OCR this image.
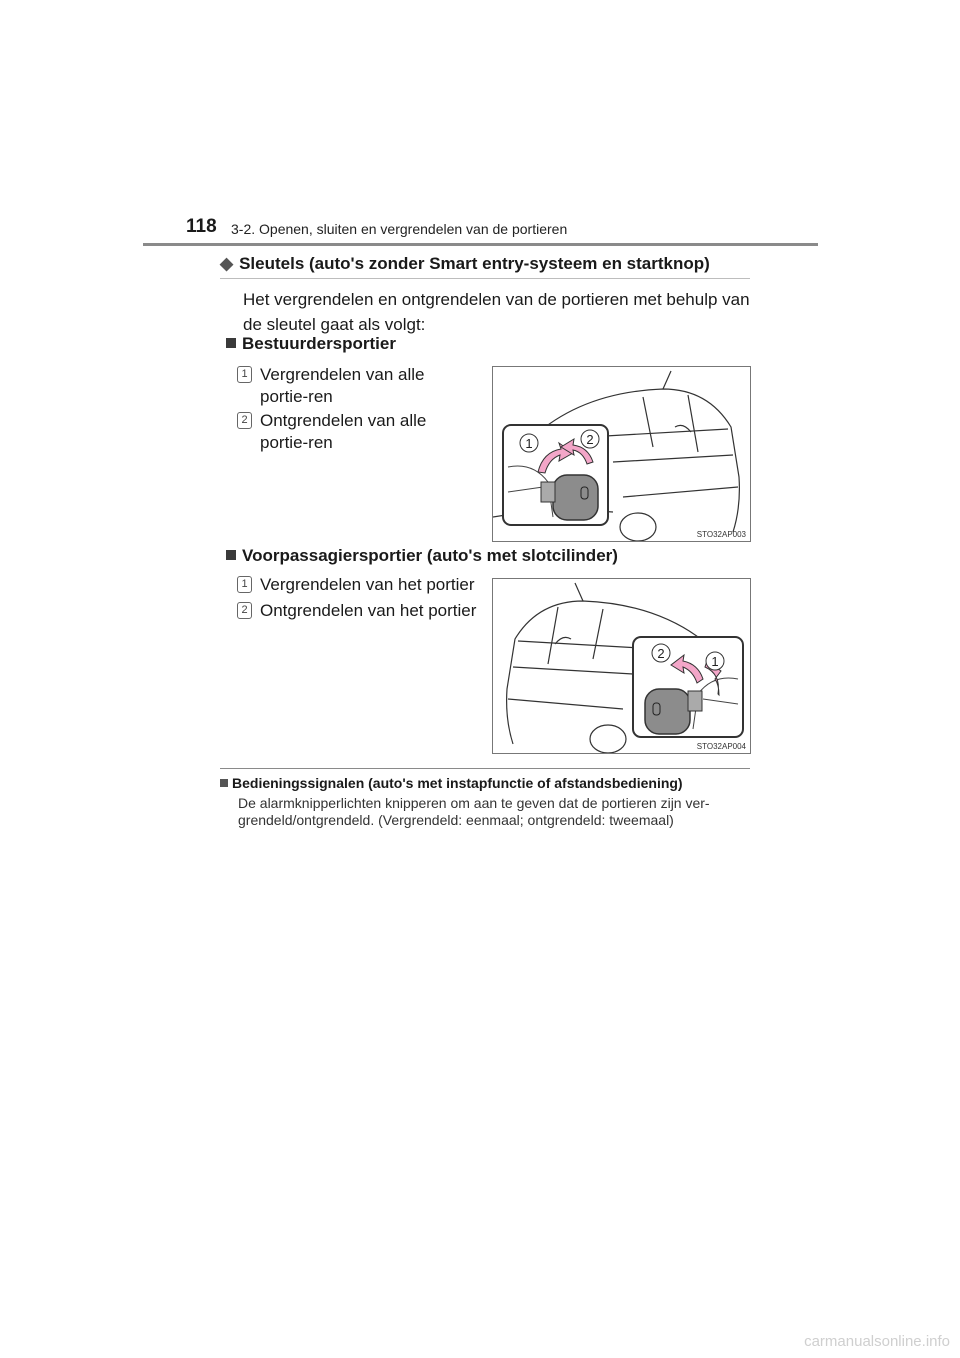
118 3-2. Openen, sluiten en vergrendelen van de portieren
◆ Sleutels (auto's zonder Smart entry-systeem en startknop)
Het vergrendelen en ontgrendelen van de portieren met behulp van de sleutel gaat als volgt:
Bestuurdersportier
1 Vergrendelen van alle portie-ren
2 Ontgrendelen van alle portie-ren	1	2
STO32AP003
Voorpassagiersportier (auto's met slotcilinder)
1 Vergrendelen van het portier
2 Ontgrendelen van het portier
2
1
STO32AP004
Bedieningssignalen (auto's met instapfunctie of afstandsbediening)
De alarmknipperlichten knipperen om aan te geven dat de portieren zijn ver-grendeld/ontgrendeld. (Vergrendeld: eenmaal; ontgrendeld: tweemaal)
carmanualsonline.info
